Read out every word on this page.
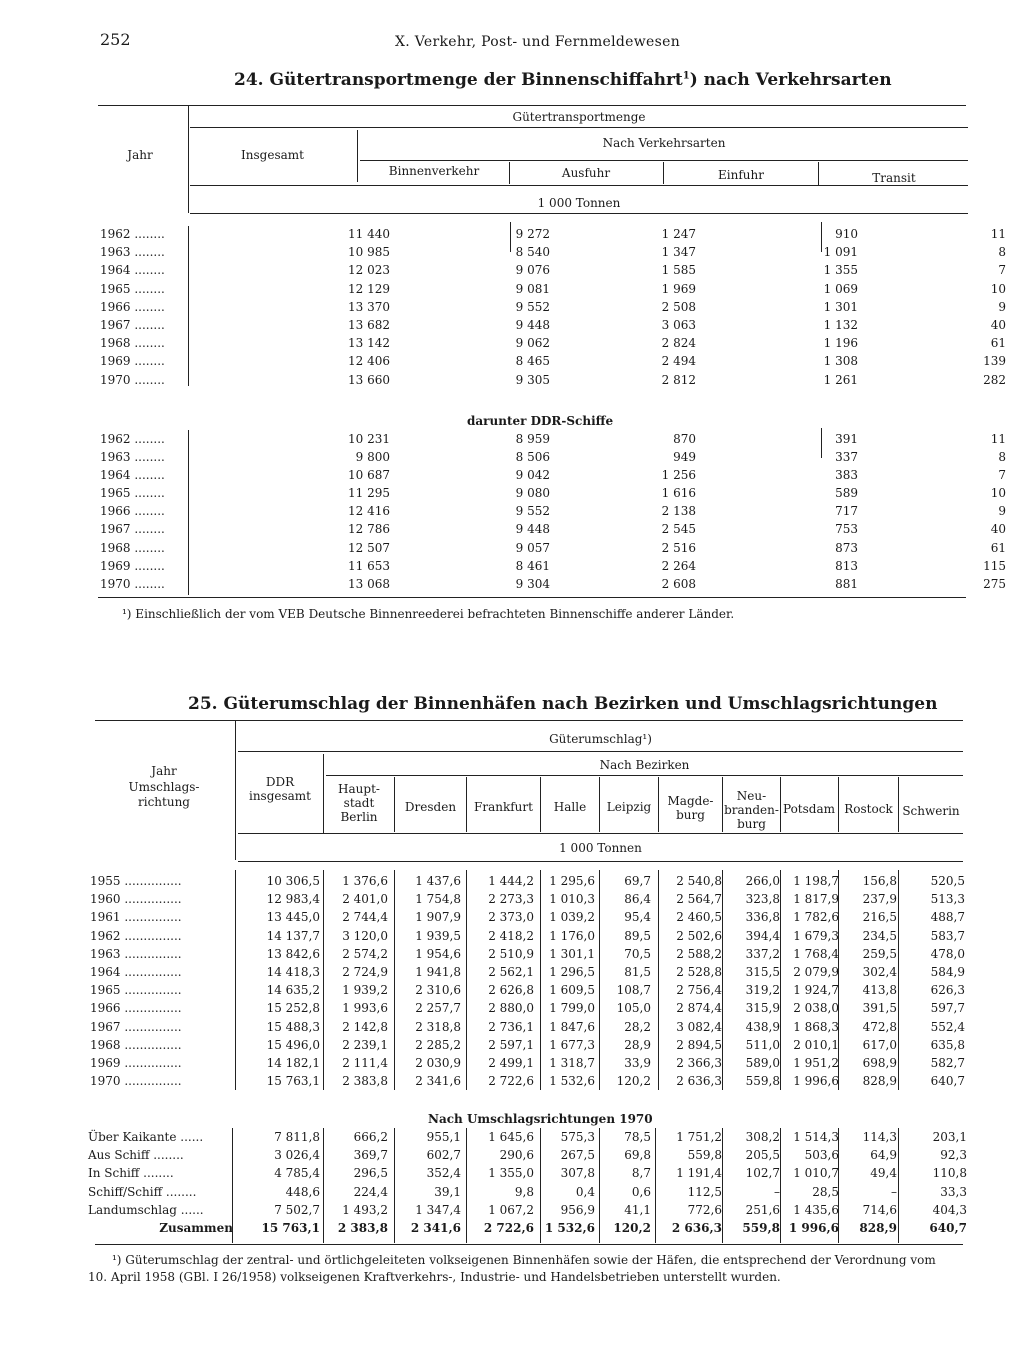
252	X. Verkehr, Post- und Fernmeldewesen
24. Gütertransportmenge der Binnenschiffahrt$^1$) nach Verkehrsarten
Jahr
Gütertransportmenge
Insgesamt
Nach Verkehrsarten
Binnenverkehr	Ausfuhr	Einfuhr	Transit
1 000 Tonnen
1962 ........	11 440	9 272	1 247	910	11
1963 ........	10 985	8 540	1 347	1 091	8
1964 ........	12 023	9 076	1 585	1 355	7
1965 ........	12 129	9 081	1 969	1 069	10
1966 ........	13 370	9 552	2 508	1 301	9
1967 ........	13 682	9 448	3 063	1 132	40
1968 ........	13 142	9 062	2 824	1 196	61
1969 ........	12 406	8 465	2 494	1 308	139
1970 ........	13 660	9 305	2 812	1 261	282
darunter DDR-Schiffe
1962 ........	10 231	8 959	870	391	11
1963 ........	9 800	8 506	949	337	8
1964 ........	10 687	9 042	1 256	383	7
1965 ........	11 295	9 080	1 616	589	10
1966 ........	12 416	9 552	2 138	717	9
1967 ........	12 786	9 448	2 545	753	40
1968 ........	12 507	9 057	2 516	873	61
1969 ........	11 653	8 461	2 264	813	115
1970 ........	13 068	9 304	2 608	881	275
¹) Einschließlich der vom VEB Deutsche Binnenreederei befrachteten Binnenschiffe anderer Länder.
25. Güterumschlag der Binnenhäfen nach Bezirken und Umschlagsrichtungen
Jahr
Umschlags-
richtung
Güterumschlag¹)
DDR
insgesamt
Nach Bezirken
Haupt-
stadt
Berlin
Dresden	Frankfurt	Halle	Leipzig	Magde-
burg
Neu-
branden-
burg
Potsdam Rostock Schwerin
1 000 Tonnen
1955 ...............	10 306,5	1 376,6	1 437,6	1 444,2	1 295,6	69,7	2 540,8	266,0	1 198,7	156,8	520,5
1960 ...............	12 983,4	2 401,0	1 754,8	2 273,3	1 010,3	86,4	2 564,7	323,8	1 817,9	237,9	513,3
1961 ...............	13 445,0	2 744,4	1 907,9	2 373,0	1 039,2	95,4	2 460,5	336,8	1 782,6	216,5	488,7
1962 ...............	14 137,7	3 120,0	1 939,5	2 418,2	1 176,0	89,5	2 502,6	394,4	1 679,3	234,5	583,7
1963 ...............	13 842,6	2 574,2	1 954,6	2 510,9	1 301,1	70,5	2 588,2	337,2	1 768,4	259,5	478,0
1964 ...............	14 418,3	2 724,9	1 941,8	2 562,1	1 296,5	81,5	2 528,8	315,5	2 079,9	302,4	584,9
1965 ...............	14 635,2	1 939,2	2 310,6	2 626,8	1 609,5	108,7	2 756,4	319,2	1 924,7	413,8	626,3
1966 ...............	15 252,8	1 993,6	2 257,7	2 880,0	1 799,0	105,0	2 874,4	315,9	2 038,0	391,5	597,7
1967 ...............	15 488,3	2 142,8	2 318,8	2 736,1	1 847,6	28,2	3 082,4	438,9	1 868,3	472,8	552,4
1968 ...............	15 496,0	2 239,1	2 285,2	2 597,1	1 677,3	28,9	2 894,5	511,0	2 010,1	617,0	635,8
1969 ...............	14 182,1	2 111,4	2 030,9	2 499,1	1 318,7	33,9	2 366,3	589,0	1 951,2	698,9	582,7
1970 ...............	15 763,1	2 383,8	2 341,6	2 722,6	1 532,6	120,2	2 636,3	559,8	1 996,6	828,9	640,7
Nach Umschlagsrichtungen 1970
Über Kaikante ......	7 811,8	666,2	955,1	1 645,6	575,3	78,5	1 751,2	308,2	1 514,3	114,3	203,1
Aus Schiff ........	3 026,4	369,7	602,7	290,6	267,5	69,8	559,8	205,5	503,6	64,9	92,3
In Schiff ........	4 785,4	296,5	352,4	1 355,0	307,8	8,7	1 191,4	102,7	1 010,7	49,4	110,8
Schiff/Schiff ........	448,6	224,4	39,1	9,8	0,4	0,6	112,5	–	28,5	–	33,3
Landumschlag ......	7 502,7	1 493,2	1 347,4	1 067,2	956,9	41,1	772,6	251,6	1 435,6	714,6	404,3
Zusammen	15 763,1	2 383,8	2 341,6	2 722,6	1 532,6	120,2	2 636,3	559,8	1 996,6	828,9	640,7
¹) Güterumschlag der zentral- und örtlichgeleiteten volkseigenen Binnenhäfen sowie der Häfen, die entsprechend der Verordnung vom
10. April 1958 (GBl. I 26/1958) volkseigenen Kraftverkehrs-, Industrie- und Handelsbetrieben unterstellt wurden.
